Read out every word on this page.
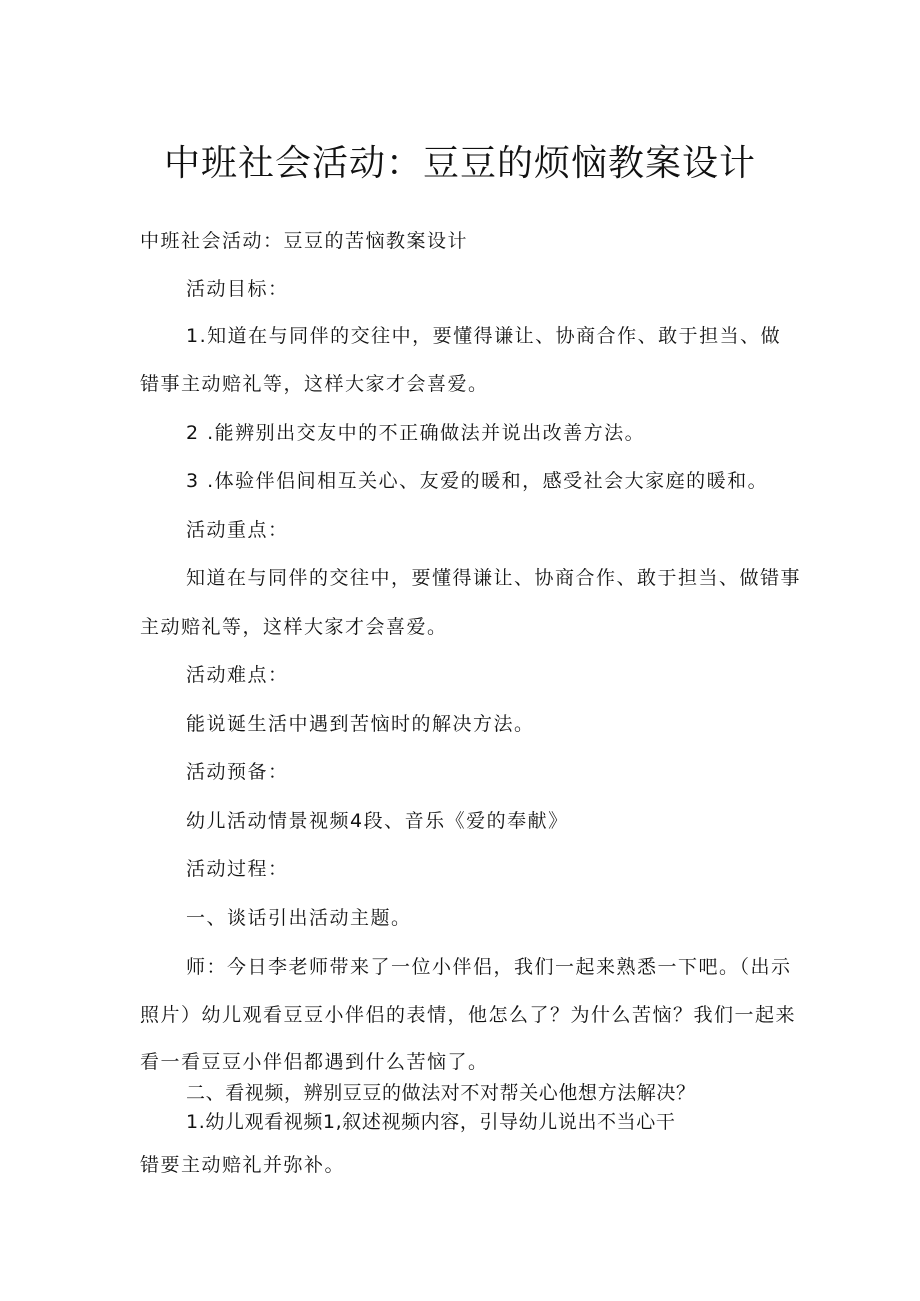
中班社会活动：豆豆的烦恼教案设计
中班社会活动：豆豆的苦恼教案设计
活动目标：
1.知道在与同伴的交往中，要懂得谦让、协商合作、敢于担当、做
错事主动赔礼等，这样大家才会喜爱。
2 .能辨别出交友中的不正确做法并说出改善方法。
3 .体验伴侣间相互关心、友爱的暖和，感受社会大家庭的暖和。
活动重点：
知道在与同伴的交往中，要懂得谦让、协商合作、敢于担当、做错事
主动赔礼等，这样大家才会喜爱。
活动难点：
能说诞生活中遇到苦恼时的解决方法。
活动预备：
幼儿活动情景视频4段、音乐《爱的奉献》
活动过程：
一、谈话引出活动主题。
师：今日李老师带来了一位小伴侣，我们一起来熟悉一下吧。（出示
照片）幼儿观看豆豆小伴侣的表情，他怎么了？为什么苦恼？我们一起来
看一看豆豆小伴侣都遇到什么苦恼了。
二、看视频，辨别豆豆的做法对不对帮关心他想方法解决？
1.幼儿观看视频1,叙述视频内容，引导幼儿说出不当心干
错要主动赔礼并弥补。
